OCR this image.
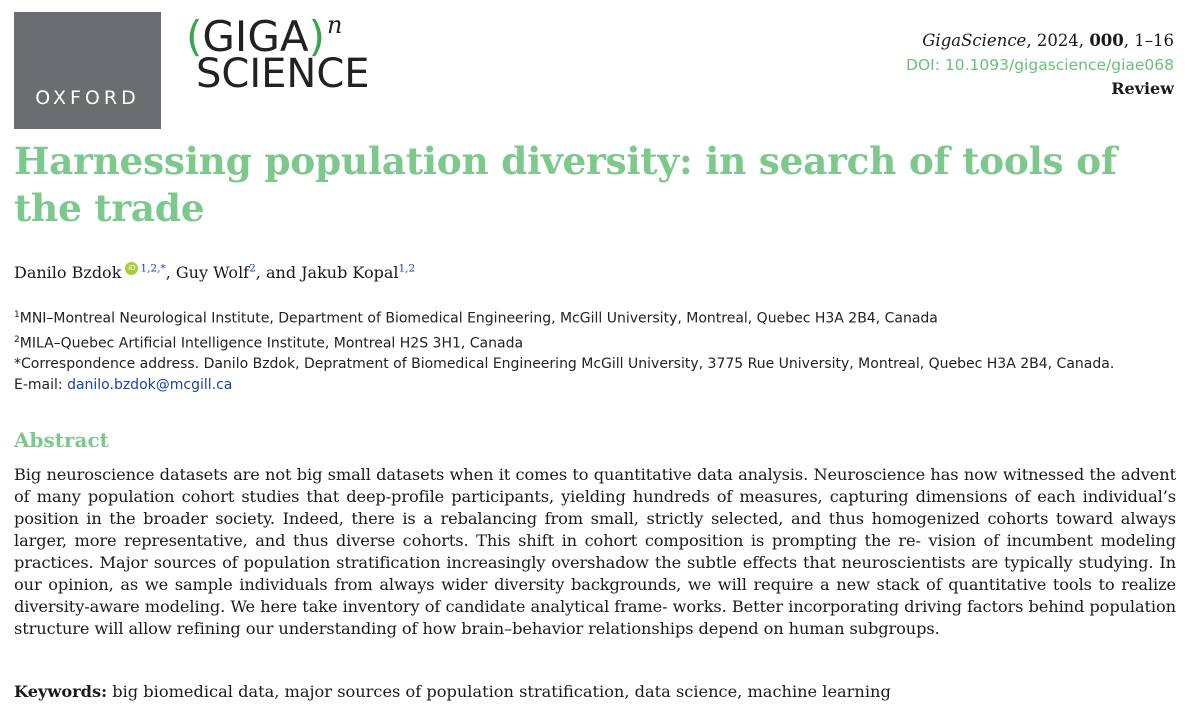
OXFORD
(GIGA)$^n$
SCIENCE
GigaScience, 2024, 000, 1–16
DOI: 10.1093/gigascience/giae068
Review
Harnessing population diversity: in search of tools of the trade
Danilo Bzdok iD $^{1,2,*}$, Guy Wolf$^2$, and Jakub Kopal$^{1,2}$
$^1$MNI–Montreal Neurological Institute, Department of Biomedical Engineering, McGill University, Montreal, Quebec H3A 2B4, Canada
$^2$MILA–Quebec Artificial Intelligence Institute, Montreal H2S 3H1, Canada
*Correspondence address. Danilo Bzdok, Depratment of Biomedical Engineering McGill University, 3775 Rue University, Montreal, Quebec H3A 2B4, Canada.
E-mail: danilo.bzdok@mcgill.ca
Abstract

Big neuroscience datasets are not big small datasets when it comes to quantitative data analysis. Neuroscience has now witnessed the advent of many population cohort studies that deep-profile participants, yielding hundreds of measures, capturing dimensions of each individual’s position in the broader society. Indeed, there is a rebalancing from small, strictly selected, and thus homogenized cohorts toward always larger, more representative, and thus diverse cohorts. This shift in cohort composition is prompting the re- vision of incumbent modeling practices. Major sources of population stratification increasingly overshadow the subtle effects that neuroscientists are typically studying. In our opinion, as we sample individuals from always wider diversity backgrounds, we will require a new stack of quantitative tools to realize diversity-aware modeling. We here take inventory of candidate analytical frame- works. Better incorporating driving factors behind population structure will allow refining our understanding of how brain–behavior relationships depend on human subgroups.

Keywords: big biomedical data, major sources of population stratification, data science, machine learning
